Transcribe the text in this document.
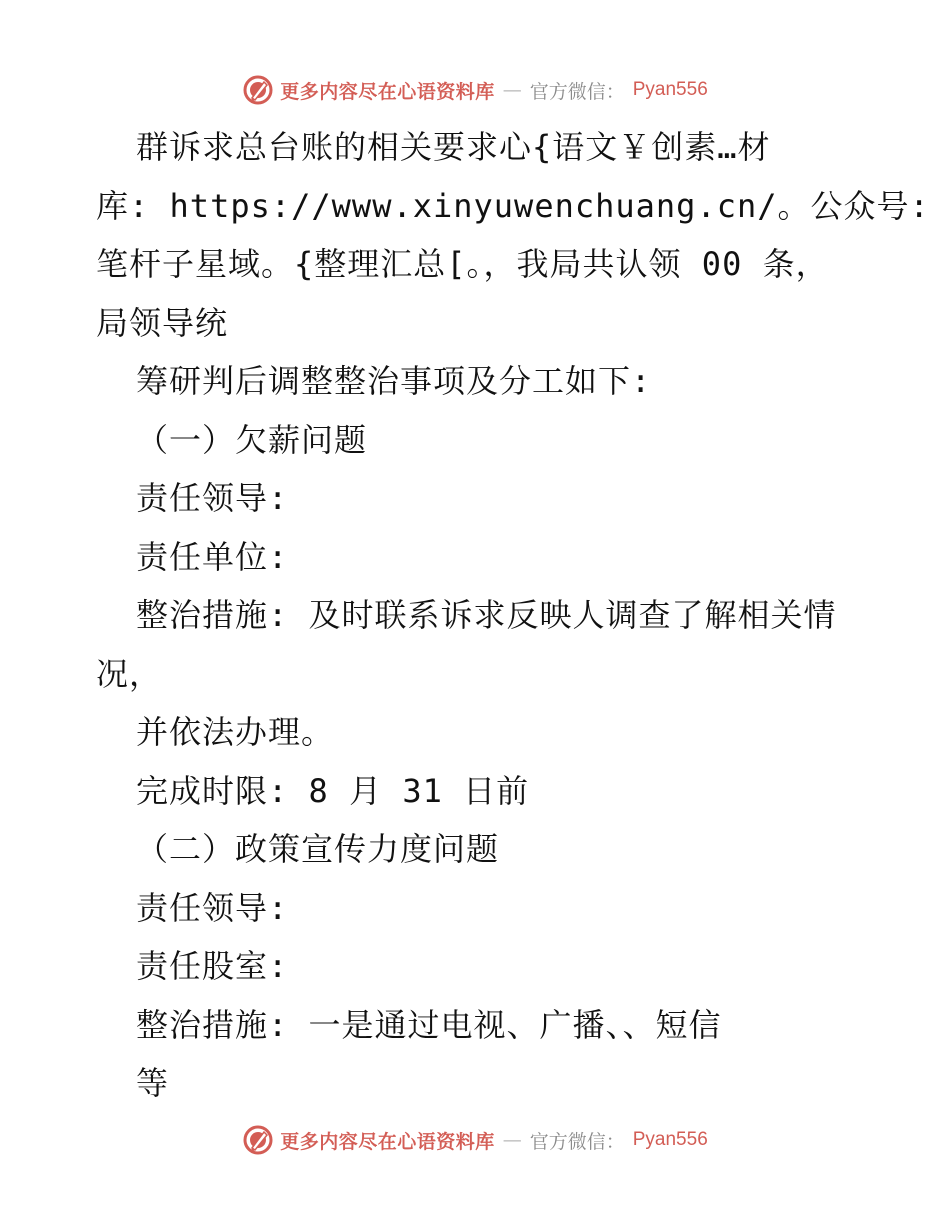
更多内容尽在心语资料库 — 官方微信： Pyan556
群诉求总台账的相关要求心{语文￥创素…材
库: https://www.xinyuwenchuang.cn/。公众号:
笔杆子星域。{整理汇总[。，我局共认领 00 条，
局领导统
筹研判后调整整治事项及分工如下:
（一）欠薪问题
责任领导:
责任单位:
整治措施: 及时联系诉求反映人调查了解相关情
况，
并依法办理。
完成时限: 8 月 31 日前
（二）政策宣传力度问题
责任领导:
责任股室:
整治措施: 一是通过电视、广播、、短信
等
更多内容尽在心语资料库 — 官方微信： Pyan556
